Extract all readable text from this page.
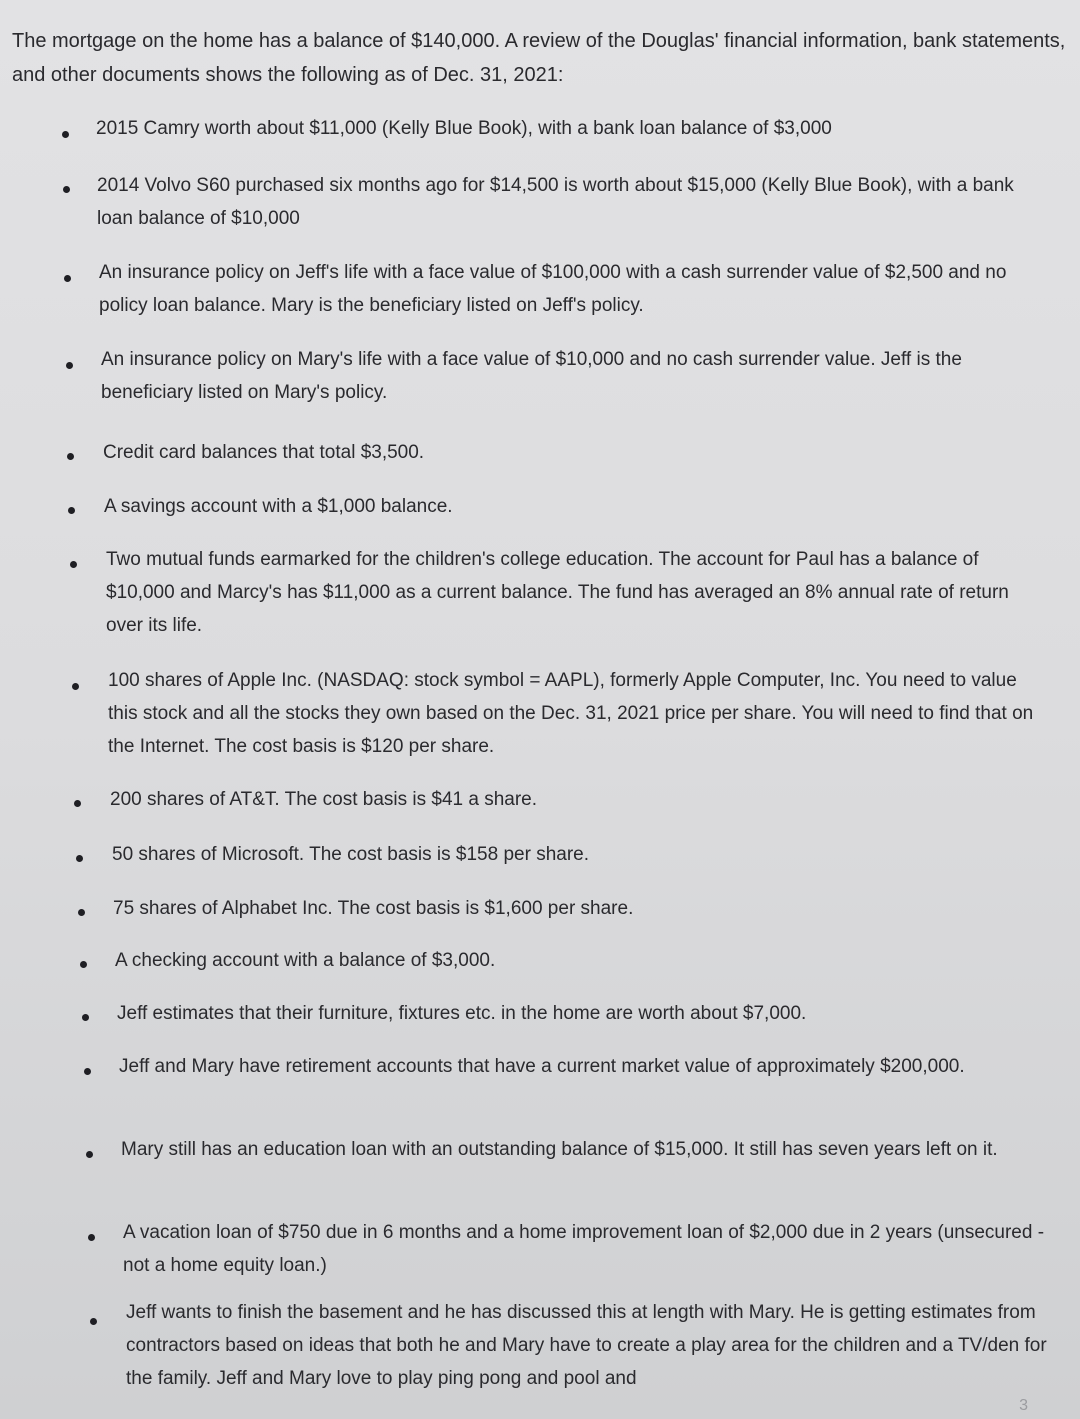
The mortgage on the home has a balance of $140,000. A review of the Douglas' financial information, bank statements, and other documents shows the following as of Dec. 31, 2021:

2015 Camry worth about $11,000 (Kelly Blue Book), with a bank loan balance of $3,000
2014 Volvo S60 purchased six months ago for $14,500 is worth about $15,000 (Kelly Blue Book), with a bank loan balance of $10,000
An insurance policy on Jeff's life with a face value of $100,000 with a cash surrender value of $2,500 and no policy loan balance. Mary is the beneficiary listed on Jeff's policy.
An insurance policy on Mary's life with a face value of $10,000 and no cash surrender value. Jeff is the beneficiary listed on Mary's policy.
Credit card balances that total $3,500.
A savings account with a $1,000 balance.
Two mutual funds earmarked for the children's college education. The account for Paul has a balance of $10,000 and Marcy's has $11,000 as a current balance. The fund has averaged an 8% annual rate of return over its life.
100 shares of Apple Inc. (NASDAQ: stock symbol = AAPL), formerly Apple Computer, Inc. You need to value this stock and all the stocks they own based on the Dec. 31, 2021 price per share. You will need to find that on the Internet. The cost basis is $120 per share.
200 shares of AT&T. The cost basis is $41 a share.
50 shares of Microsoft. The cost basis is $158 per share.
75 shares of Alphabet Inc. The cost basis is $1,600 per share.
A checking account with a balance of $3,000.
Jeff estimates that their furniture, fixtures etc. in the home are worth about $7,000.
Jeff and Mary have retirement accounts that have a current market value of approximately $200,000.
Mary still has an education loan with an outstanding balance of $15,000. It still has seven years left on it.
A vacation loan of $750 due in 6 months and a home improvement loan of $2,000 due in 2 years (unsecured - not a home equity loan.)
Jeff wants to finish the basement and he has discussed this at length with Mary. He is getting estimates from contractors based on ideas that both he and Mary have to create a play area for the children and a TV/den for the family. Jeff and Mary love to play ping pong and pool and
3
